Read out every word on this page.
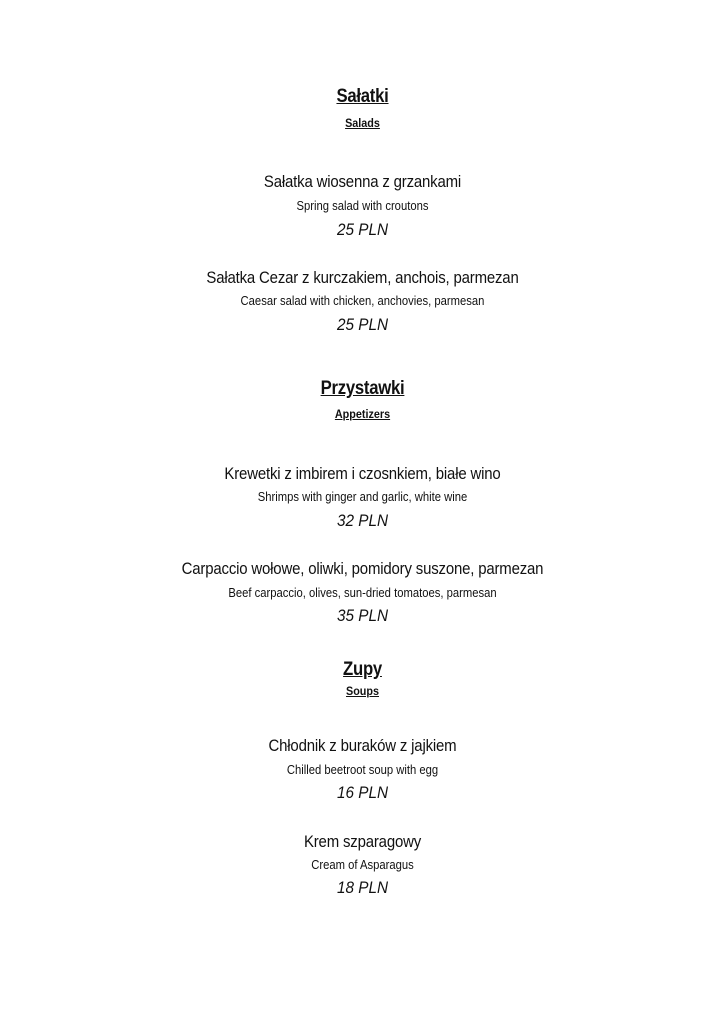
Sałatki
Salads
Sałatka wiosenna z grzankami
Spring salad with croutons
25 PLN
Sałatka Cezar z kurczakiem, anchois, parmezan
Caesar salad with chicken, anchovies, parmesan
25 PLN
Przystawki
Appetizers
Krewetki z imbirem i czosnkiem, białe wino
Shrimps with ginger and garlic, white wine
32 PLN
Carpaccio wołowe, oliwki, pomidory suszone, parmezan
Beef carpaccio, olives, sun-dried tomatoes, parmesan
35 PLN
Zupy
Soups
Chłodnik z buraków z jajkiem
Chilled beetroot soup with egg
16 PLN
Krem szparagowy
Cream of Asparagus
18 PLN
